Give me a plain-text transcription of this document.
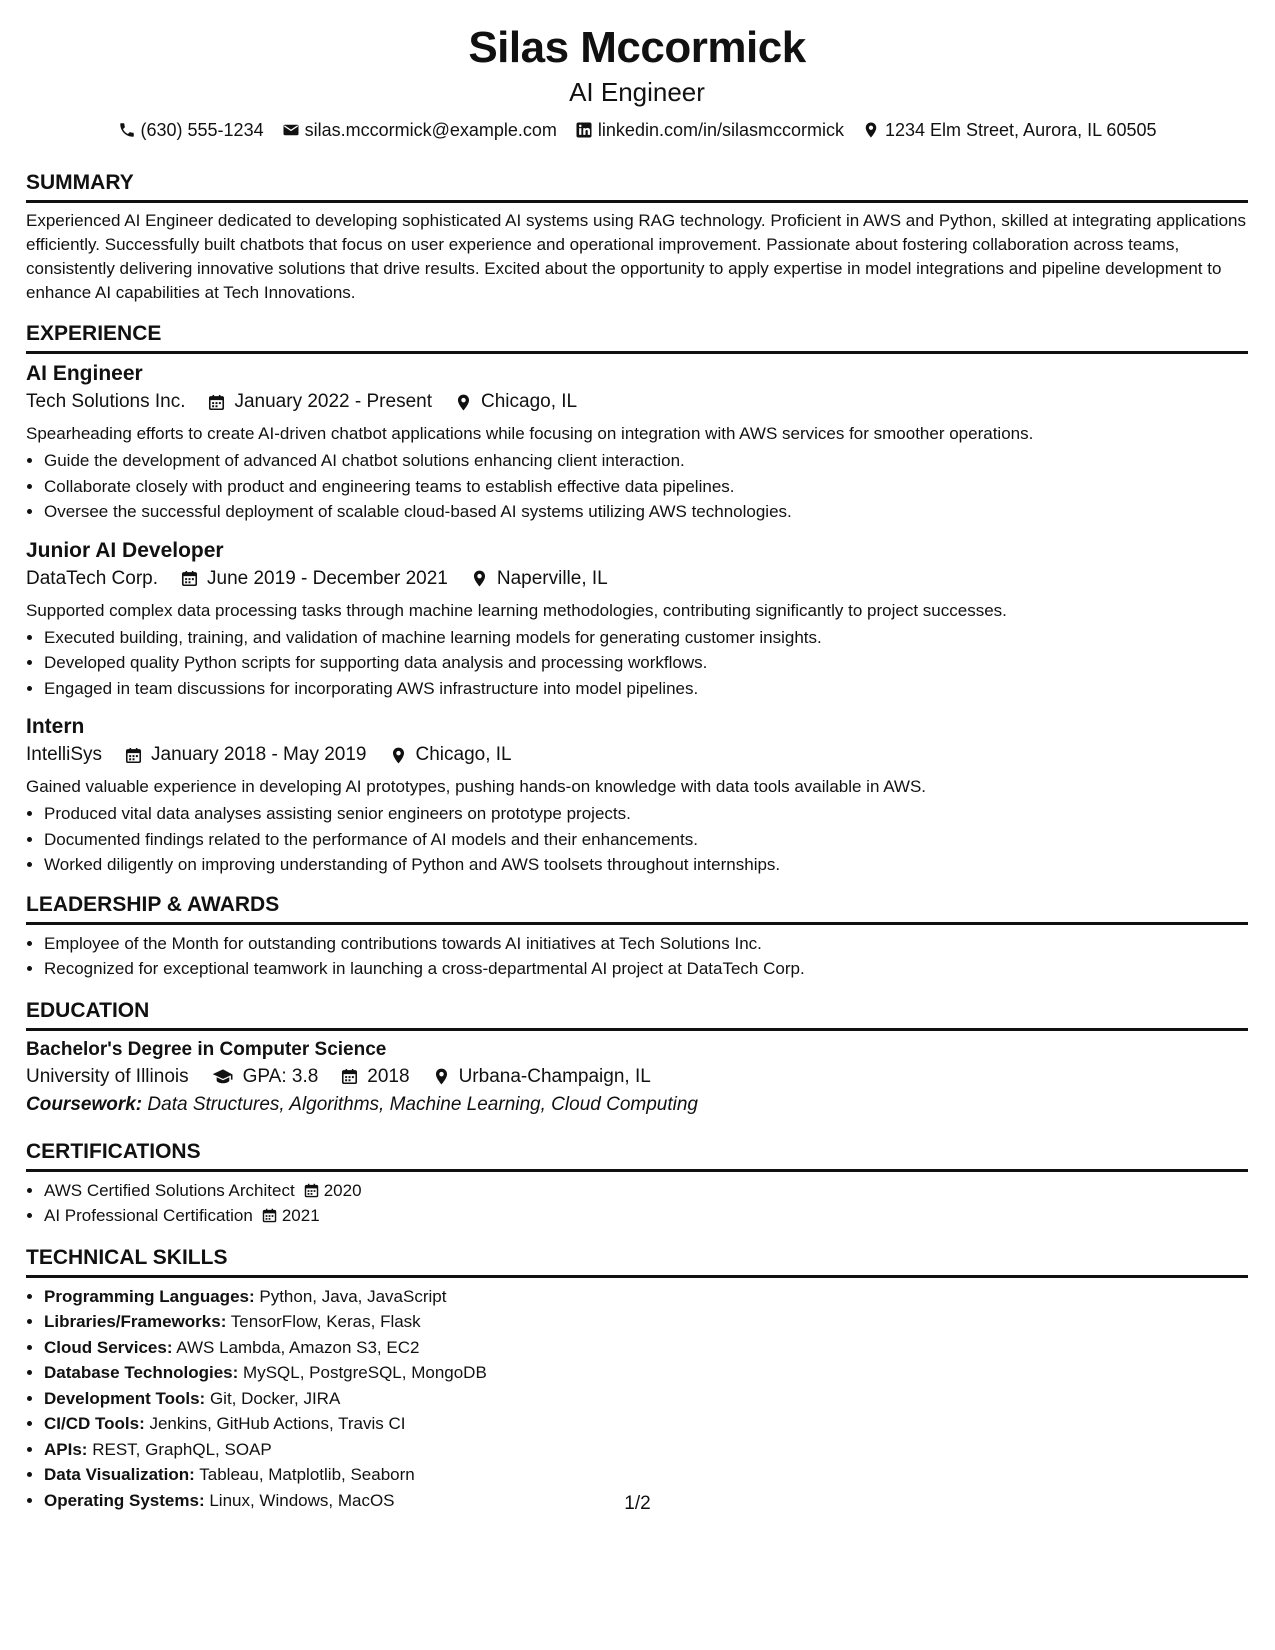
Silas Mccormick
AI Engineer
(630) 555-1234 silas.mccormick@example.com linkedin.com/in/silasmccormick 1234 Elm Street, Aurora, IL 60505
SUMMARY
Experienced AI Engineer dedicated to developing sophisticated AI systems using RAG technology. Proficient in AWS and Python, skilled at integrating applications efficiently. Successfully built chatbots that focus on user experience and operational improvement. Passionate about fostering collaboration across teams, consistently delivering innovative solutions that drive results. Excited about the opportunity to apply expertise in model integrations and pipeline development to enhance AI capabilities at Tech Innovations.
EXPERIENCE
AI Engineer
Tech Solutions Inc.	January 2022 - Present	Chicago, IL
Spearheading efforts to create AI-driven chatbot applications while focusing on integration with AWS services for smoother operations.
• Guide the development of advanced AI chatbot solutions enhancing client interaction.
• Collaborate closely with product and engineering teams to establish effective data pipelines.
• Oversee the successful deployment of scalable cloud-based AI systems utilizing AWS technologies.
Junior AI Developer
DataTech Corp.	June 2019 - December 2021	Naperville, IL
Supported complex data processing tasks through machine learning methodologies, contributing significantly to project successes.
• Executed building, training, and validation of machine learning models for generating customer insights.
• Developed quality Python scripts for supporting data analysis and processing workflows.
• Engaged in team discussions for incorporating AWS infrastructure into model pipelines.
Intern
IntelliSys	January 2018 - May 2019	Chicago, IL
Gained valuable experience in developing AI prototypes, pushing hands-on knowledge with data tools available in AWS.
• Produced vital data analyses assisting senior engineers on prototype projects.
• Documented findings related to the performance of AI models and their enhancements.
• Worked diligently on improving understanding of Python and AWS toolsets throughout internships.
LEADERSHIP & AWARDS
• Employee of the Month for outstanding contributions towards AI initiatives at Tech Solutions Inc.
• Recognized for exceptional teamwork in launching a cross-departmental AI project at DataTech Corp.
EDUCATION
Bachelor's Degree in Computer Science
University of Illinois	GPA: 3.8	2018	Urbana-Champaign, IL
Coursework: Data Structures, Algorithms, Machine Learning, Cloud Computing
CERTIFICATIONS
• AWS Certified Solutions Architect 2020
• AI Professional Certification 2021
TECHNICAL SKILLS
• Programming Languages: Python, Java, JavaScript
• Libraries/Frameworks: TensorFlow, Keras, Flask
• Cloud Services: AWS Lambda, Amazon S3, EC2
• Database Technologies: MySQL, PostgreSQL, MongoDB
• Development Tools: Git, Docker, JIRA
• CI/CD Tools: Jenkins, GitHub Actions, Travis CI
• APIs: REST, GraphQL, SOAP
• Data Visualization: Tableau, Matplotlib, Seaborn
• Operating Systems: Linux, Windows, MacOS	1/2
